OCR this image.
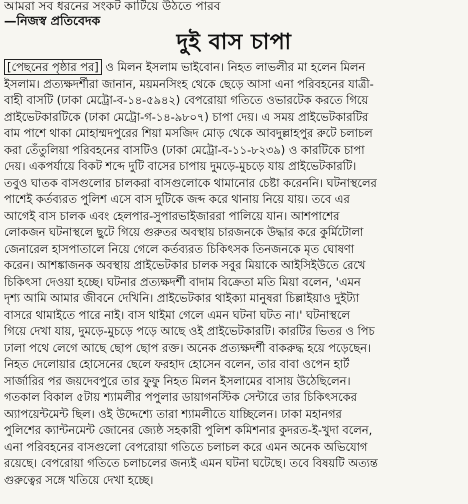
আমরা সব ধরনের সংকট কাটিয়ে উঠতে পারব
—নিজস্ব প্রতিবেদক
দুই বাস চাপা
[পেছনের পৃষ্ঠার পর] ও মিলন ইসলাম ভাইবোন। নিহত লাভলীর মা হলেন মিলন
ইসলাম। প্রত্যক্ষদর্শীরা জানান, ময়মনসিংহ থেকে ছেড়ে আসা এনা পরিবহনের যাত্রী-
বাহী বাসটি (ঢাকা মেট্রো-ব-১৪-৫৯৪২) বেপরোয়া গতিতে ওভারটেক করতে গিয়ে
প্রাইভেটকারটিকে (ঢাকা মেট্রো-গ-১৪-৯৮০৭) চাপা দেয়। এ সময় প্রাইভেটকারটির
বাম পাশে থাকা মোহাম্মদপুরের শিয়া মসজিদ মোড় থেকে আবদুল্লাহপুর রুটে চলাচল
করা তেঁতুলিয়া পরিবহনের বাসটিও (ঢাকা মেট্রো-ব-১১-৮২৩৯) ও কারটিকে চাপা
দেয়। একপর্যায়ে বিকট শব্দে দুটি বাসের চাপায় দুমড়ে-মুচড়ে যায় প্রাইভেটকারটি।
তবুও ঘাতক বাসগুলোর চালকরা বাসগুলোকে থামানোর চেষ্টা করেননি। ঘটনাস্থলের
পাশেই কর্তব্যরত পুলিশ এসে বাস দুটিকে জব্দ করে থানায় নিয়ে যায়। তবে এর
আগেই বাস চালক এবং হেলপার-সুপারভাইজাররা পালিয়ে যান। আশপাশের
লোকজন ঘটনাস্থলে ছুটে গিয়ে গুরুতর অবস্থায় চারজনকে উদ্ধার করে কুর্মিটোলা
জেনারেল হাসপাতালে নিয়ে গেলে কর্তব্যরত চিকিৎসক তিনজনকে মৃত ঘোষণা
করেন। আশঙ্কাজনক অবস্থায় প্রাইভেটকার চালক সবুর মিয়াকে আইসিইউতে রেখে
চিকিৎসা দেওয়া হচ্ছে। ঘটনার প্রত্যক্ষদর্শী বাদাম বিক্রেতা মতি মিয়া বলেন, 'এমন
দৃশ্য আমি আমার জীবনে দেখিনি। প্রাইভেটকার থাইক্যা মানুষরা চিল্লাইয়াও দুইট্যা
বাসরে থামাইতে পারে নাই। বাস থাইমা গেলে এমন ঘটনা ঘটত না।' ঘটনাস্থলে
গিয়ে দেখা যায়, দুমড়ে-মুচড়ে পড়ে আছে ওই প্রাইভেটকারটি। কারটির ভিতর ও পিচ
ঢালা পথে লেগে আছে ছোপ ছোপ রক্ত। অনেক প্রত্যক্ষদর্শী বাকরুদ্ধ হয়ে পড়েছেন।
নিহত দেলোয়ার হোসেনের ছেলে ফরহাদ হোসেন বলেন, তার বাবা ওপেন হার্ট
সার্জারির পর জয়দেবপুরে তার ফুফু নিহত মিলন ইসলামের বাসায় উঠেছিলেন।
গতকাল বিকাল ৫টায় শ্যামলীর পপুলার ডায়াগনস্টিক সেন্টারে তার চিকিৎসকের
অ্যাপয়েন্টমেন্ট ছিল। ওই উদ্দেশ্যে তারা শ্যামলীতে যাচ্ছিলেন। ঢাকা মহানগর
পুলিশের ক্যান্টনমেন্ট জোনের জ্যেষ্ঠ সহকারী পুলিশ কমিশনার কুদরত-ই-খুদা বলেন,
এনা পরিবহনের বাসগুলো বেপরোয়া গতিতে চলাচল করে এমন অনেক অভিযোগ
রয়েছে। বেপরোয়া গতিতে চলাচলের জন্যই এমন ঘটনা ঘটেছে। তবে বিষয়টি অত্যন্ত
গুরুত্বের সঙ্গে খতিয়ে দেখা হচ্ছে।
